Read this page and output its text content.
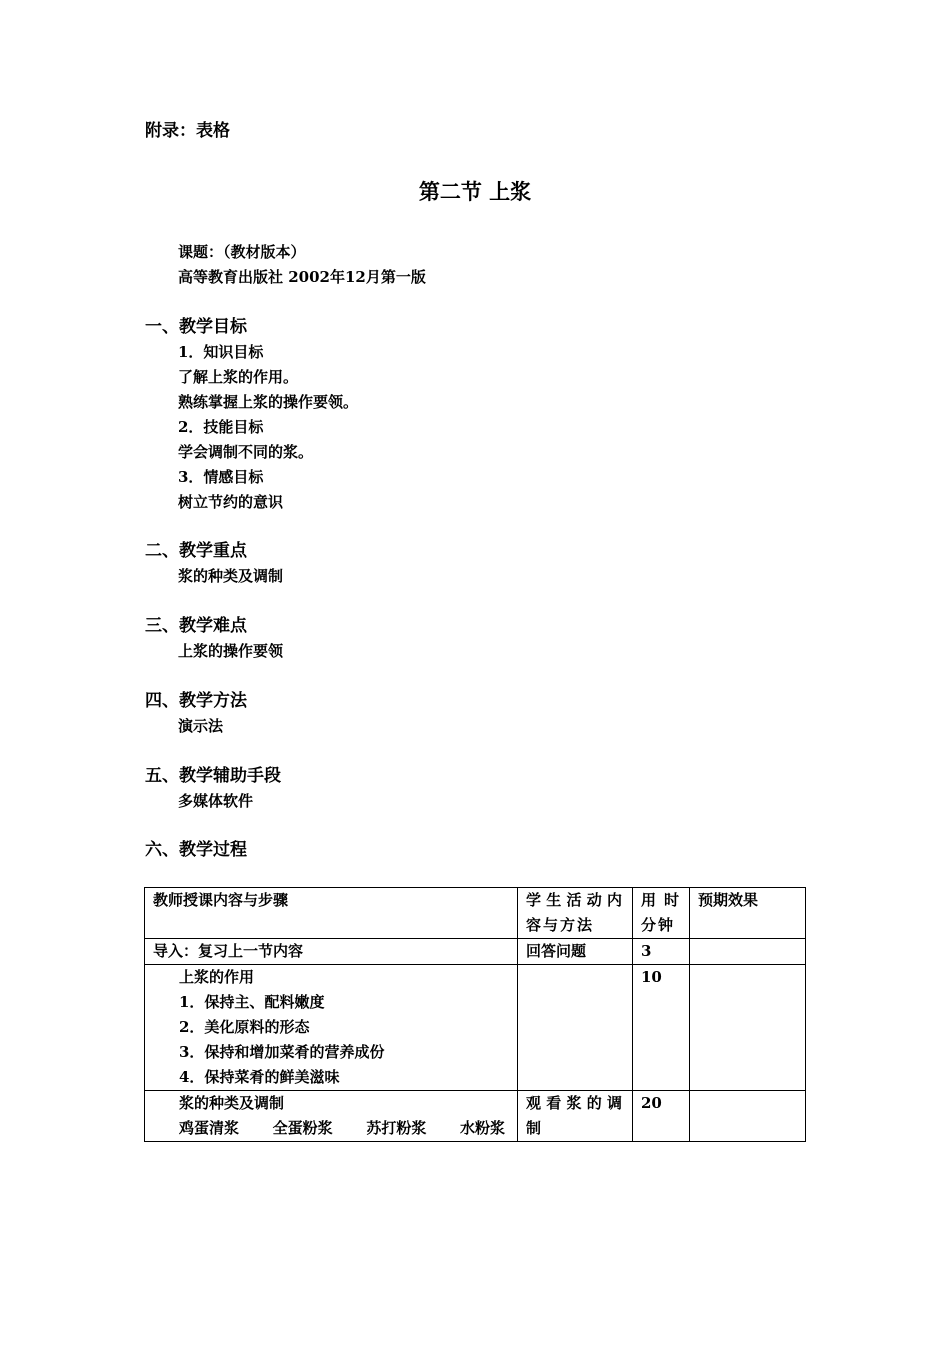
附录：表格
第二节 上浆
课题：（教材版本）
高等教育出版社 2002年12月第一版
一、教学目标
1．知识目标
了解上浆的作用。
熟练掌握上浆的操作要领。
2．技能目标
学会调制不同的浆。
3．情感目标
树立节约的意识
二、教学重点
浆的种类及调制
三、教学难点
上浆的操作要领
四、教学方法
演示法
五、教学辅助手段
多媒体软件
六、教学过程
教师授课内容与步骤	学生活动内容与方法	用时分钟	预期效果
导入：复习上一节内容	回答问题	3	

上浆的作用
1．保持主、配料嫩度
2．美化原料的形态
3．保持和增加菜肴的营养成份
4．保持菜肴的鲜美滋味		10	

浆的种类及调制
鸡蛋清浆 全蛋粉浆 苏打粉浆 水粉浆	观看浆的调制	20	
